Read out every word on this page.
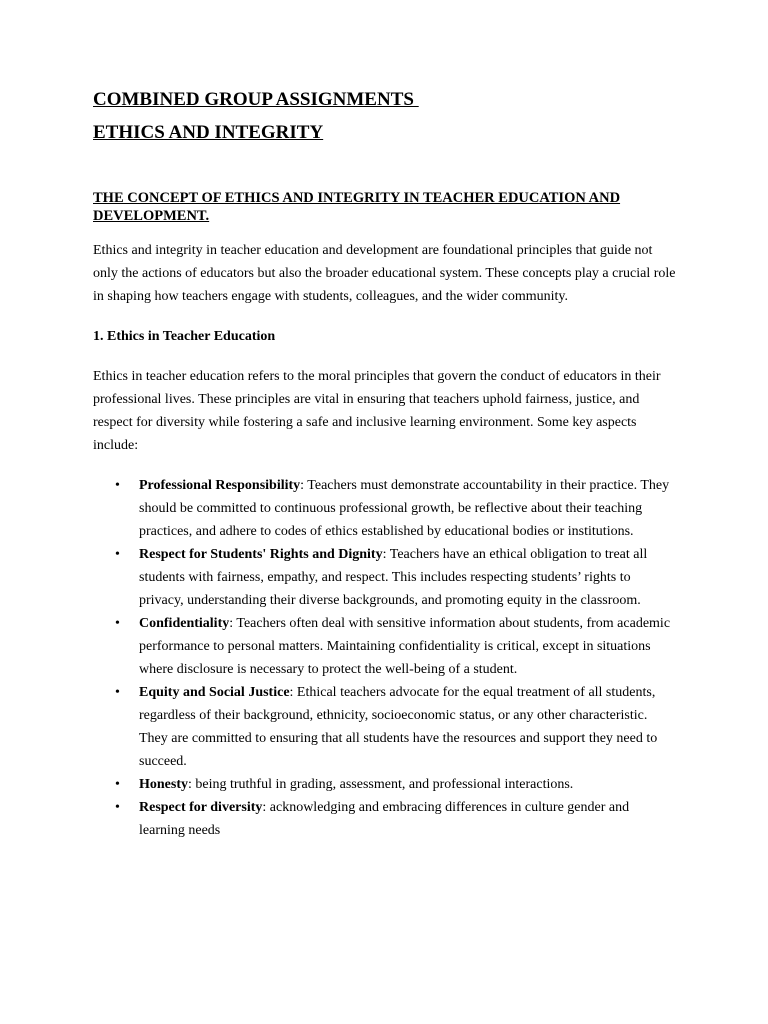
COMBINED GROUP ASSIGNMENTS
ETHICS AND INTEGRITY
THE CONCEPT OF ETHICS AND INTEGRITY IN TEACHER EDUCATION AND DEVELOPMENT.

Ethics and integrity in teacher education and development are foundational principles that guide not only the actions of educators but also the broader educational system. These concepts play a crucial role in shaping how teachers engage with students, colleagues, and the wider community.

1. Ethics in Teacher Education

Ethics in teacher education refers to the moral principles that govern the conduct of educators in their professional lives. These principles are vital in ensuring that teachers uphold fairness, justice, and respect for diversity while fostering a safe and inclusive learning environment. Some key aspects include:

• Professional Responsibility: Teachers must demonstrate accountability in their practice. They should be committed to continuous professional growth, be reflective about their teaching practices, and adhere to codes of ethics established by educational bodies or institutions.
• Respect for Students' Rights and Dignity: Teachers have an ethical obligation to treat all students with fairness, empathy, and respect. This includes respecting students’ rights to privacy, understanding their diverse backgrounds, and promoting equity in the classroom.
• Confidentiality: Teachers often deal with sensitive information about students, from academic performance to personal matters. Maintaining confidentiality is critical, except in situations where disclosure is necessary to protect the well-being of a student.
• Equity and Social Justice: Ethical teachers advocate for the equal treatment of all students, regardless of their background, ethnicity, socioeconomic status, or any other characteristic. They are committed to ensuring that all students have the resources and support they need to succeed.
• Honesty: being truthful in grading, assessment, and professional interactions.
• Respect for diversity: acknowledging and embracing differences in culture gender and learning needs
